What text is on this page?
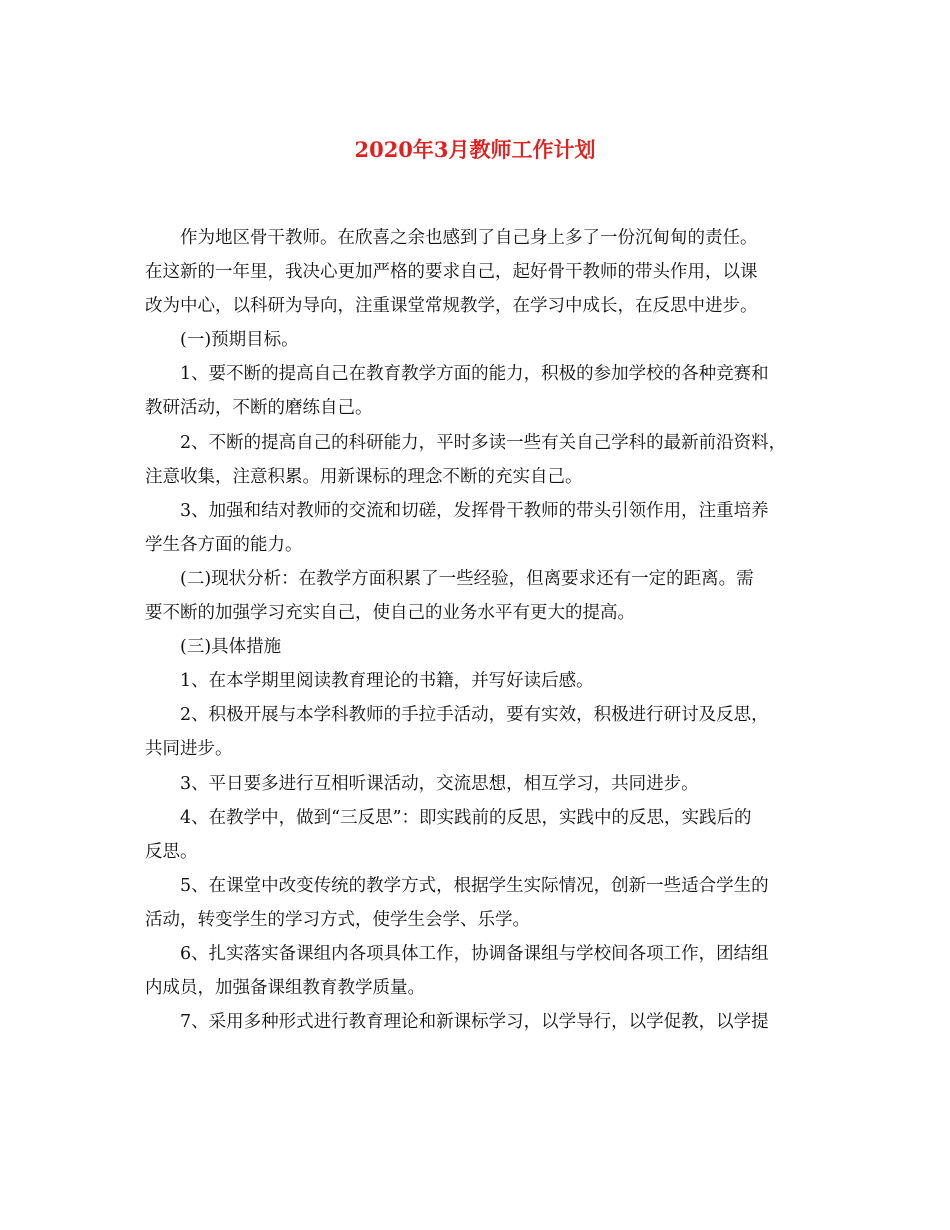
2020年3月教师工作计划
作为地区骨干教师。在欣喜之余也感到了自己身上多了一份沉甸甸的责任。
在这新的一年里，我决心更加严格的要求自己，起好骨干教师的带头作用，以课
改为中心，以科研为导向，注重课堂常规教学，在学习中成长，在反思中进步。
(一)预期目标。
1、要不断的提高自己在教育教学方面的能力，积极的参加学校的各种竞赛和
教研活动，不断的磨练自己。
2、不断的提高自己的科研能力，平时多读一些有关自己学科的最新前沿资料，
注意收集，注意积累。用新课标的理念不断的充实自己。
3、加强和结对教师的交流和切磋，发挥骨干教师的带头引领作用，注重培养
学生各方面的能力。
(二)现状分析：在教学方面积累了一些经验，但离要求还有一定的距离。需
要不断的加强学习充实自己，使自己的业务水平有更大的提高。
(三)具体措施
1、在本学期里阅读教育理论的书籍，并写好读后感。
2、积极开展与本学科教师的手拉手活动，要有实效，积极进行研讨及反思，
共同进步。
3、平日要多进行互相听课活动，交流思想，相互学习，共同进步。
4、在教学中，做到“三反思”：即实践前的反思，实践中的反思，实践后的
反思。
5、在课堂中改变传统的教学方式，根据学生实际情况，创新一些适合学生的
活动，转变学生的学习方式，使学生会学、乐学。
6、扎实落实备课组内各项具体工作，协调备课组与学校间各项工作，团结组
内成员，加强备课组教育教学质量。
7、采用多种形式进行教育理论和新课标学习，以学导行，以学促教，以学提
